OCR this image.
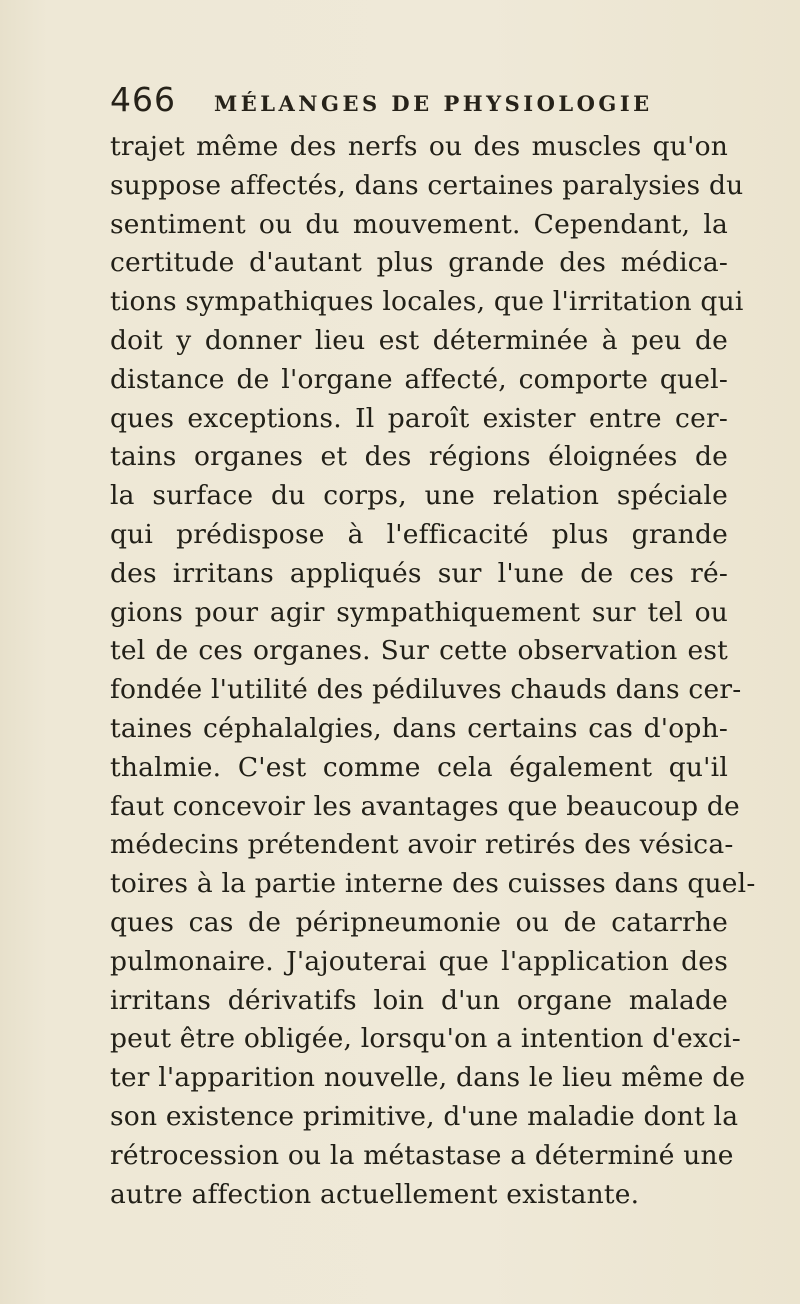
466 MÉLANGES DE PHYSIOLOGIE
trajet même des nerfs ou des muscles qu'on
suppose affectés, dans certaines paralysies du
sentiment ou du mouvement. Cependant, la
certitude d'autant plus grande des médica-
tions sympathiques locales, que l'irritation qui
doit y donner lieu est déterminée à peu de
distance de l'organe affecté, comporte quel-
ques exceptions. Il paroît exister entre cer-
tains organes et des régions éloignées de
la surface du corps, une relation spéciale
qui prédispose à l'efficacité plus grande
des irritans appliqués sur l'une de ces ré-
gions pour agir sympathiquement sur tel ou
tel de ces organes. Sur cette observation est
fondée l'utilité des pédiluves chauds dans cer-
taines céphalalgies, dans certains cas d'oph-
thalmie. C'est comme cela également qu'il
faut concevoir les avantages que beaucoup de
médecins prétendent avoir retirés des vésica-
toires à la partie interne des cuisses dans quel-
ques cas de péripneumonie ou de catarrhe
pulmonaire. J'ajouterai que l'application des
irritans dérivatifs loin d'un organe malade
peut être obligée, lorsqu'on a intention d'exci-
ter l'apparition nouvelle, dans le lieu même de
son existence primitive, d'une maladie dont la
rétrocession ou la métastase a déterminé une
autre affection actuellement existante.
